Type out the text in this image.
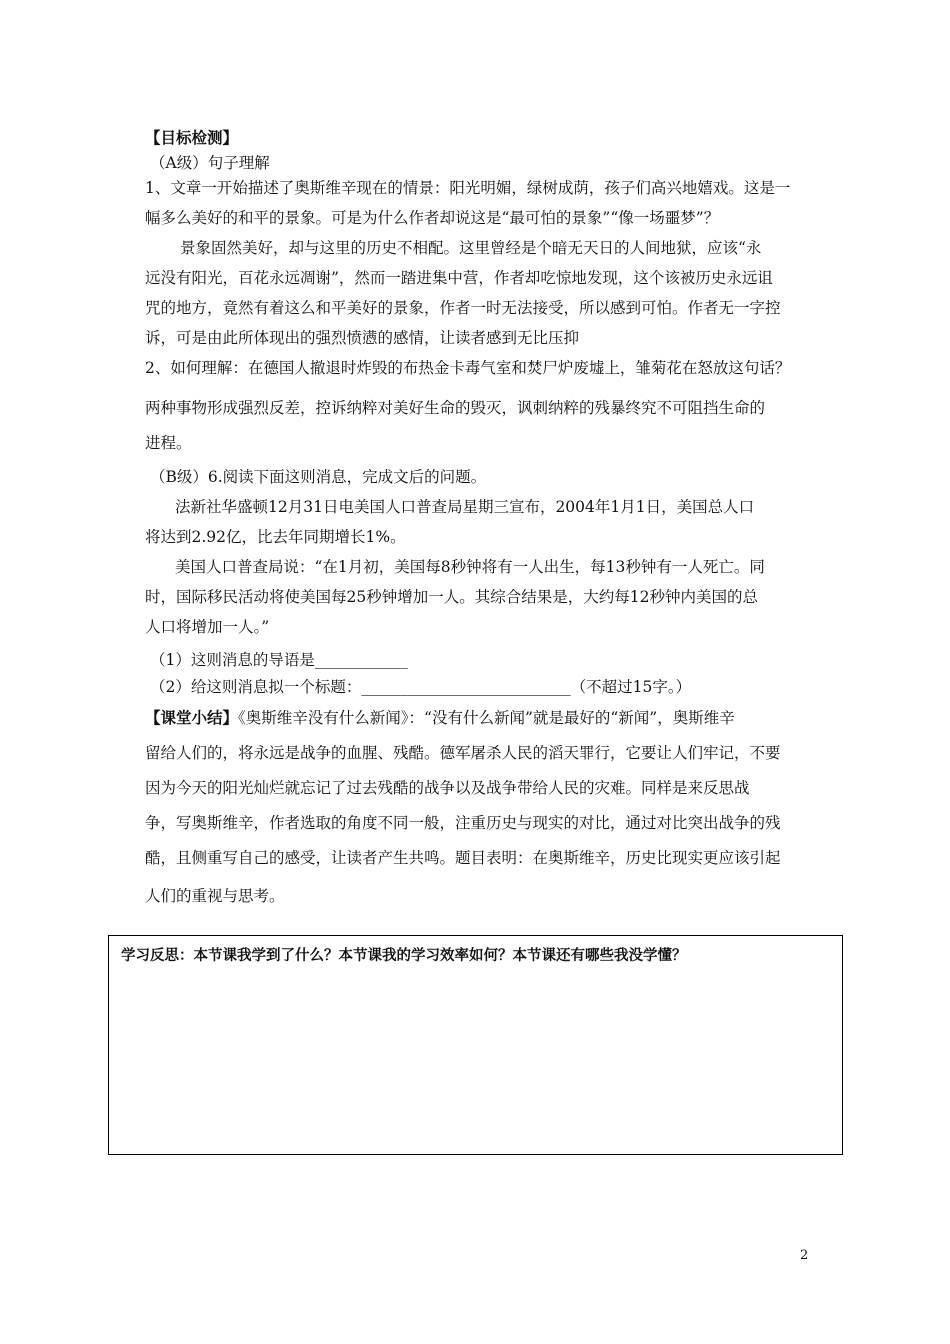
【目标检测】
（A级）句子理解
1、文章一开始描述了奥斯维辛现在的情景：阳光明媚，绿树成荫，孩子们高兴地嬉戏。这是一
幅多么美好的和平的景象。可是为什么作者却说这是“最可怕的景象”“像一场噩梦”？
景象固然美好，却与这里的历史不相配。这里曾经是个暗无天日的人间地狱，应该“永
远没有阳光，百花永远凋谢”，然而一踏进集中营，作者却吃惊地发现，这个该被历史永远诅
咒的地方，竟然有着这么和平美好的景象，作者一时无法接受，所以感到可怕。作者无一字控
诉，可是由此所体现出的强烈愤懑的感情，让读者感到无比压抑
2、如何理解：在德国人撤退时炸毁的布热金卡毒气室和焚尸炉废墟上，雏菊花在怒放这句话？
两种事物形成强烈反差，控诉纳粹对美好生命的毁灭，讽刺纳粹的残暴终究不可阻挡生命的
进程。
（B级）6.阅读下面这则消息，完成文后的问题。
法新社华盛顿12月31日电美国人口普查局星期三宣布，2004年1月1日，美国总人口
将达到2.92亿，比去年同期增长1%。
美国人口普查局说：“在1月初，美国每8秒钟将有一人出生，每13秒钟有一人死亡。同
时，国际移民活动将使美国每25秒钟增加一人。其综合结果是，大约每12秒钟内美国的总
人口将增加一人。”
（1）这则消息的导语是____________
（2）给这则消息拟一个标题：___________________________（不超过15字。）
【课堂小结】《奥斯维辛没有什么新闻》：“没有什么新闻”就是最好的“新闻”，奥斯维辛
留给人们的，将永远是战争的血腥、残酷。德军屠杀人民的滔天罪行，它要让人们牢记，不要
因为今天的阳光灿烂就忘记了过去残酷的战争以及战争带给人民的灾难。同样是来反思战
争，写奥斯维辛，作者选取的角度不同一般，注重历史与现实的对比，通过对比突出战争的残
酷，且侧重写自己的感受，让读者产生共鸣。题目表明：在奥斯维辛，历史比现实更应该引起
人们的重视与思考。
学习反思：本节课我学到了什么？本节课我的学习效率如何？本节课还有哪些我没学懂？
2
